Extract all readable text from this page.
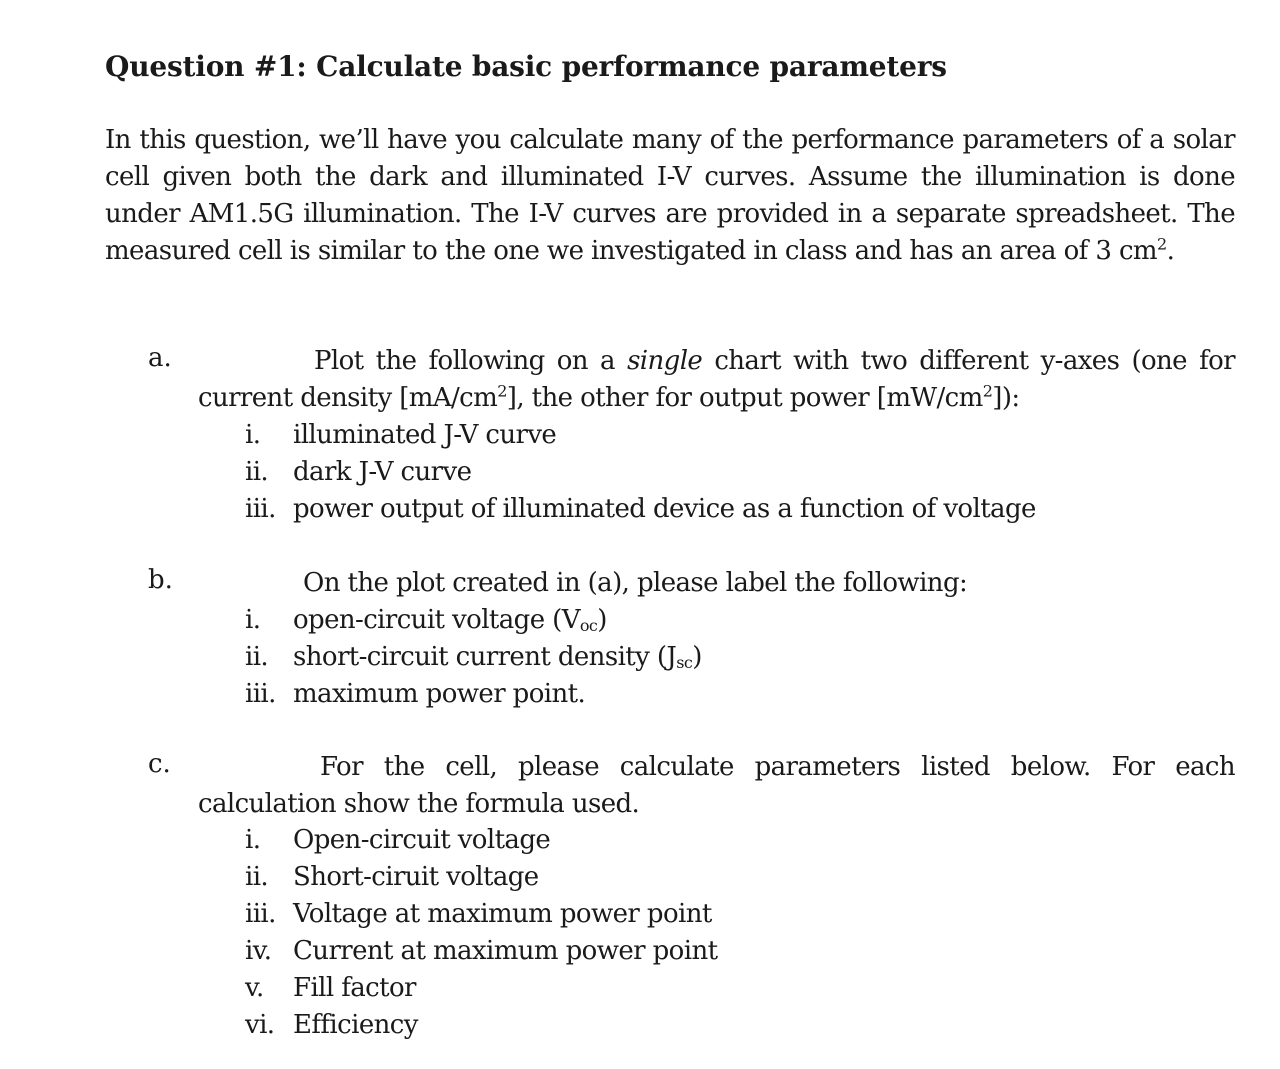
Question #1: Calculate basic performance parameters
In this question, we’ll have you calculate many of the performance parameters of a solar cell given both the dark and illuminated I-V curves. Assume the illumination is done under AM1.5G illumination. The I-V curves are provided in a separate spreadsheet. The measured cell is similar to the one we investigated in class and has an area of 3 $cm^2$.
a.	Plot the following on a single chart with two different y-axes (one for
current density $[mA/cm^2]$, the other for output power $[mW/cm^2]$):
i.	illuminated J-V curve
ii. dark J-V curve
iii. power output of illuminated device as a function of voltage
b.	On the plot created in (a), please label the following:
i.	open-circuit voltage $(V_{oc})$
ii. short-circuit current density $(J_{sc})$
iii. maximum power point.
c.	For the cell, please calculate parameters listed below. For each
calculation show the formula used.
i.	Open-circuit voltage
ii. Short-ciruit voltage
iii. Voltage at maximum power point
iv. Current at maximum power point
v.	Fill factor
vi. Efficiency
